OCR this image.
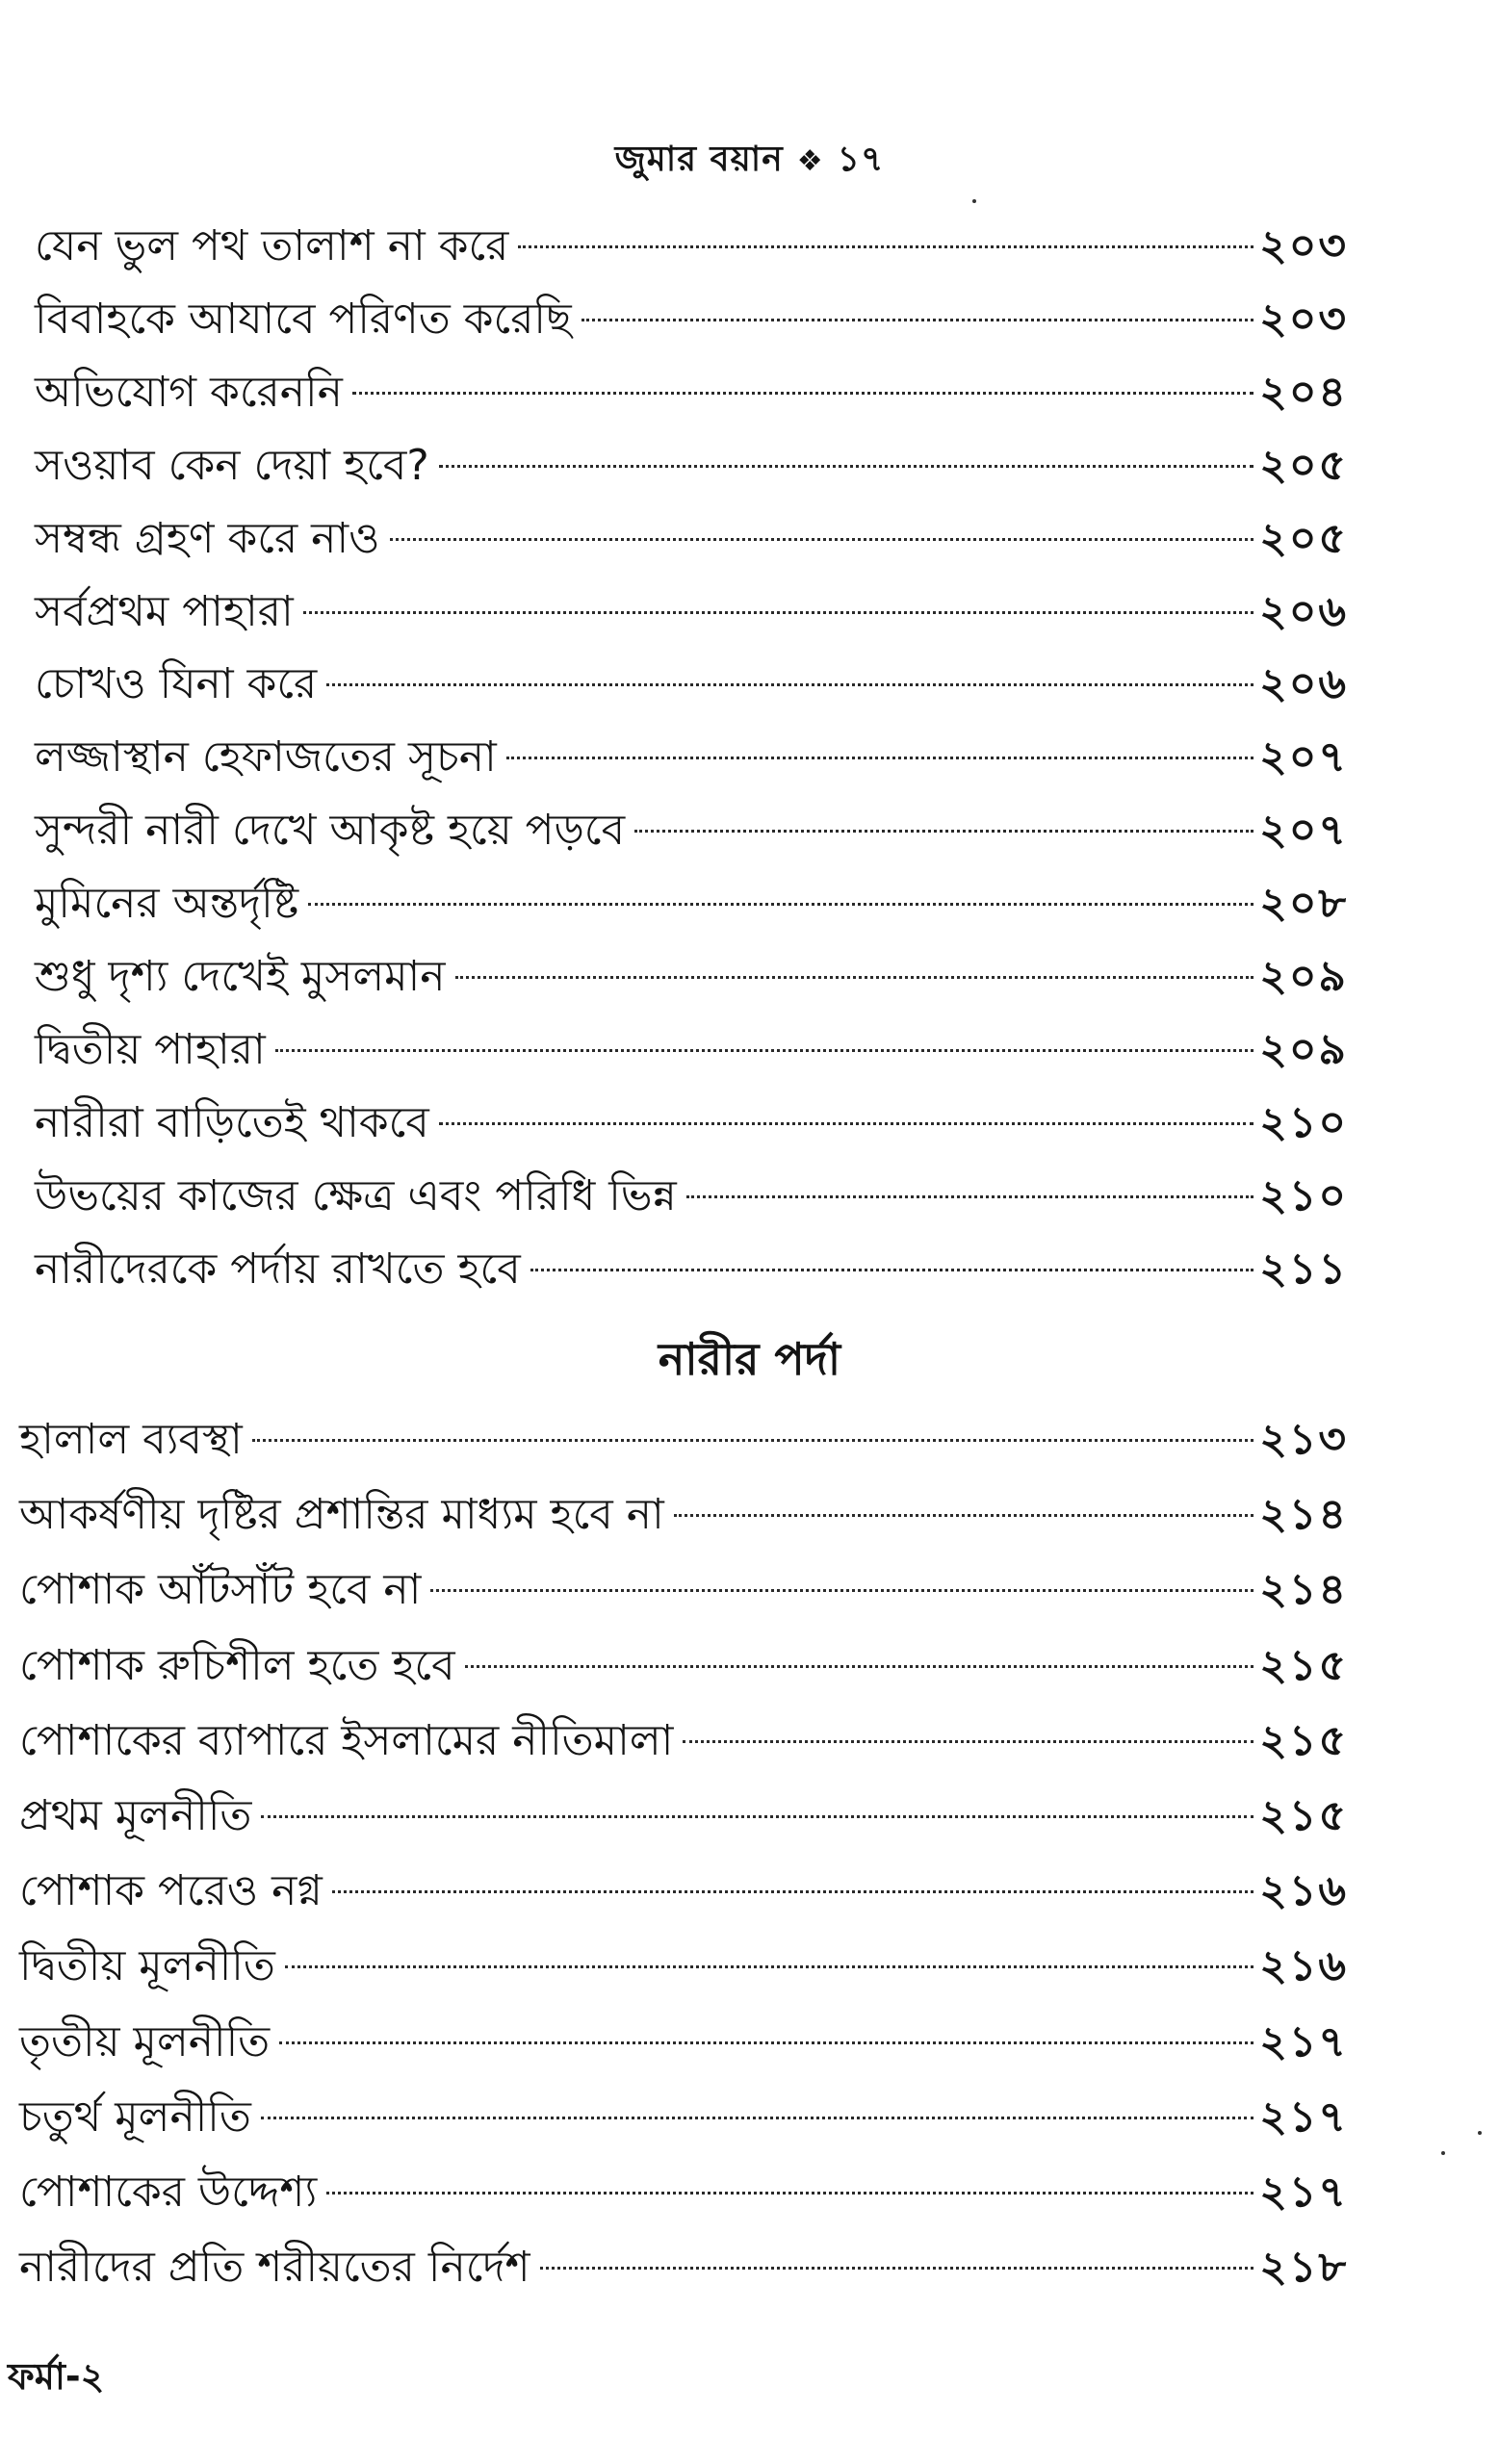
জুমার বয়ান ❖ ১৭
যেন ভুল পথ তালাশ না করে	২০৩
বিবাহকে আযাবে পরিণত করেছি	২০৩
অভিযোগ করেননি	২০৪
সওয়াব কেন দেয়া হবে?	২০৫
সম্বন্ধ গ্রহণ করে নাও	২০৫
সর্বপ্রথম পাহারা	২০৬
চোখও যিনা করে	২০৬
লজ্জাস্থান হেফাজতের সূচনা	২০৭
সুন্দরী নারী দেখে আকৃষ্ট হয়ে পড়বে	২০৭
মুমিনের অন্তর্দৃষ্টি	২০৮
শুধু দৃশ্য দেখেই মুসলমান	২০৯
দ্বিতীয় পাহারা	২০৯
নারীরা বাড়িতেই থাকবে	২১০
উভয়ের কাজের ক্ষেত্র এবং পরিধি ভিন্ন	২১০
নারীদেরকে পর্দায় রাখতে হবে	২১১
হালাল ব্যবস্থা	২১৩
আকর্ষণীয় দৃষ্টির প্রশান্তির মাধ্যম হবে না	২১৪
পোশাক আঁটসাঁট হবে না	২১৪
পোশাক রুচিশীল হতে হবে	২১৫
পোশাকের ব্যাপারে ইসলামের নীতিমালা	২১৫
প্রথম মূলনীতি	২১৫
পোশাক পরেও নগ্ন	২১৬
দ্বিতীয় মূলনীতি	২১৬
তৃতীয় মূলনীতি	২১৭
চতুর্থ মূলনীতি	২১৭
পোশাকের উদ্দেশ্য	২১৭
নারীদের প্রতি শরীয়তের নির্দেশ	২১৮
নারীর পর্দা
ফর্মা-২
